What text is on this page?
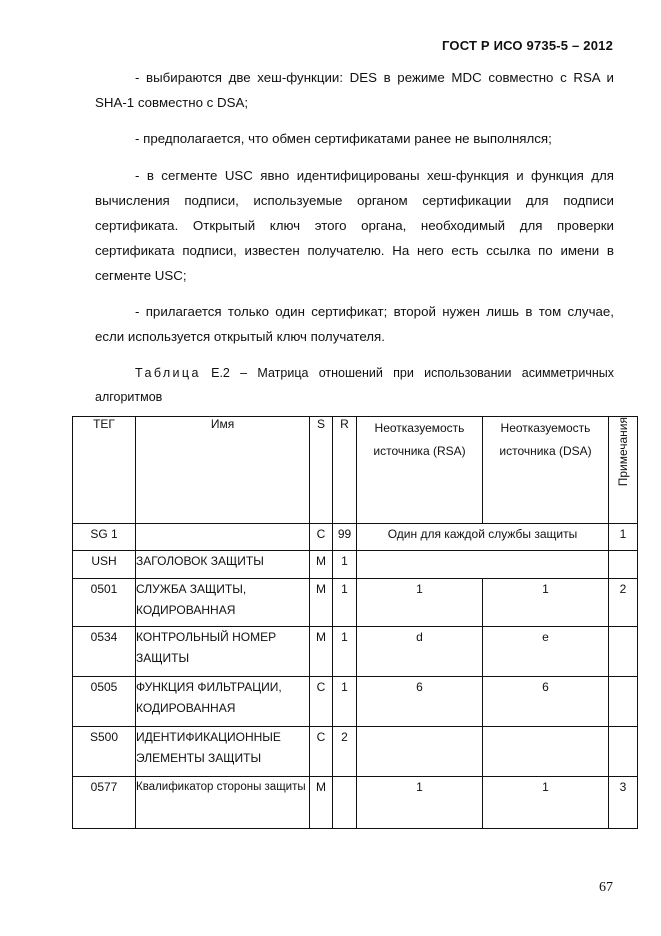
ГОСТ Р ИСО 9735-5 – 2012
- выбираются две хеш-функции: DES в режиме MDC совместно с RSA и SHA-1 совместно с DSA;
- предполагается, что обмен сертификатами ранее не выполнялся;
- в сегменте USC явно идентифицированы хеш-функция и функция для вычисления подписи, используемые органом сертификации для подписи сертификата. Открытый ключ этого органа, необходимый для проверки сертификата подписи, известен получателю. На него есть ссылка по имени в сегменте USC;
- прилагается только один сертификат; второй нужен лишь в том случае, если используется открытый ключ получателя.
Таблица Е.2 – Матрица отношений при использовании асимметричных алгоритмов
ТЕГ	Имя	S	R	Неотказуемость источника (RSA)	Неотказуемость источника (DSA)	Примечания
SG 1		C	99	Один для каждой службы защиты		1
USH	ЗАГОЛОВОК ЗАЩИТЫ	M	1			
0501	СЛУЖБА ЗАЩИТЫ, КОДИРОВАННАЯ	M	1	1	1	2
0534	КОНТРОЛЬНЫЙ НОМЕР ЗАЩИТЫ	M	1	d	e	
0505	ФУНКЦИЯ ФИЛЬТРАЦИИ, КОДИРОВАННАЯ	C	1	6	6	
S500	ИДЕНТИФИКАЦИОННЫЕ ЭЛЕМЕНТЫ ЗАЩИТЫ	C	2			
0577	Квалификатор стороны защиты	M		1	1	3
67
